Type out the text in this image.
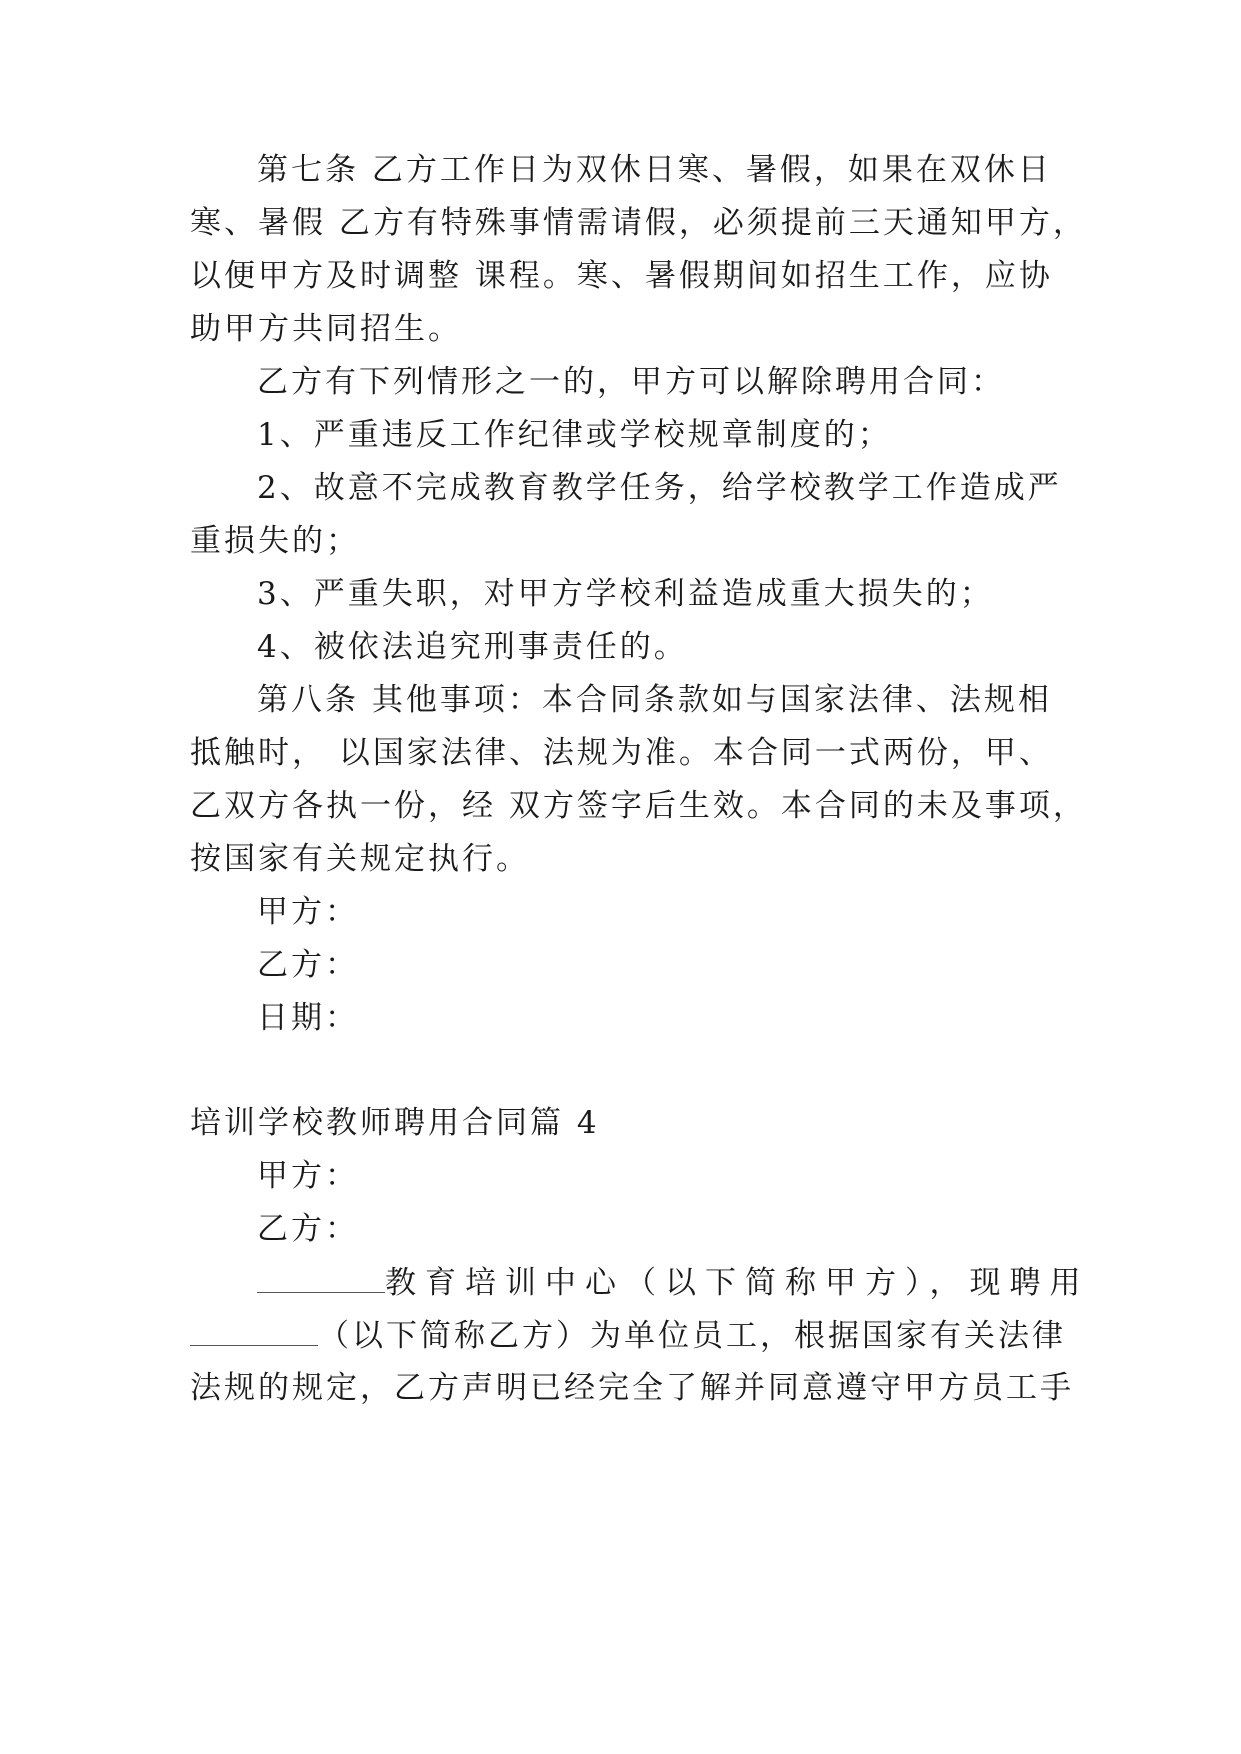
第七条 乙方工作日为双休日寒、暑假，如果在双休日
寒、暑假 乙方有特殊事情需请假，必须提前三天通知甲方，
以便甲方及时调整 课程。寒、暑假期间如招生工作，应协
助甲方共同招生。
乙方有下列情形之一的，甲方可以解除聘用合同：
1、严重违反工作纪律或学校规章制度的；
2、故意不完成教育教学任务，给学校教学工作造成严
重损失的；
3、严重失职，对甲方学校利益造成重大损失的；
4、被依法追究刑事责任的。
第八条 其他事项：本合同条款如与国家法律、法规相
抵触时， 以国家法律、法规为准。本合同一式两份，甲、
乙双方各执一份，经 双方签字后生效。本合同的未及事项，
按国家有关规定执行。
甲方：
乙方：
日期：
培训学校教师聘用合同篇 4
甲方：
乙方：
教育培训中心（以下简称甲方），现聘用
（以下简称乙方）为单位员工，根据国家有关法律
法规的规定，乙方声明已经完全了解并同意遵守甲方员工手
